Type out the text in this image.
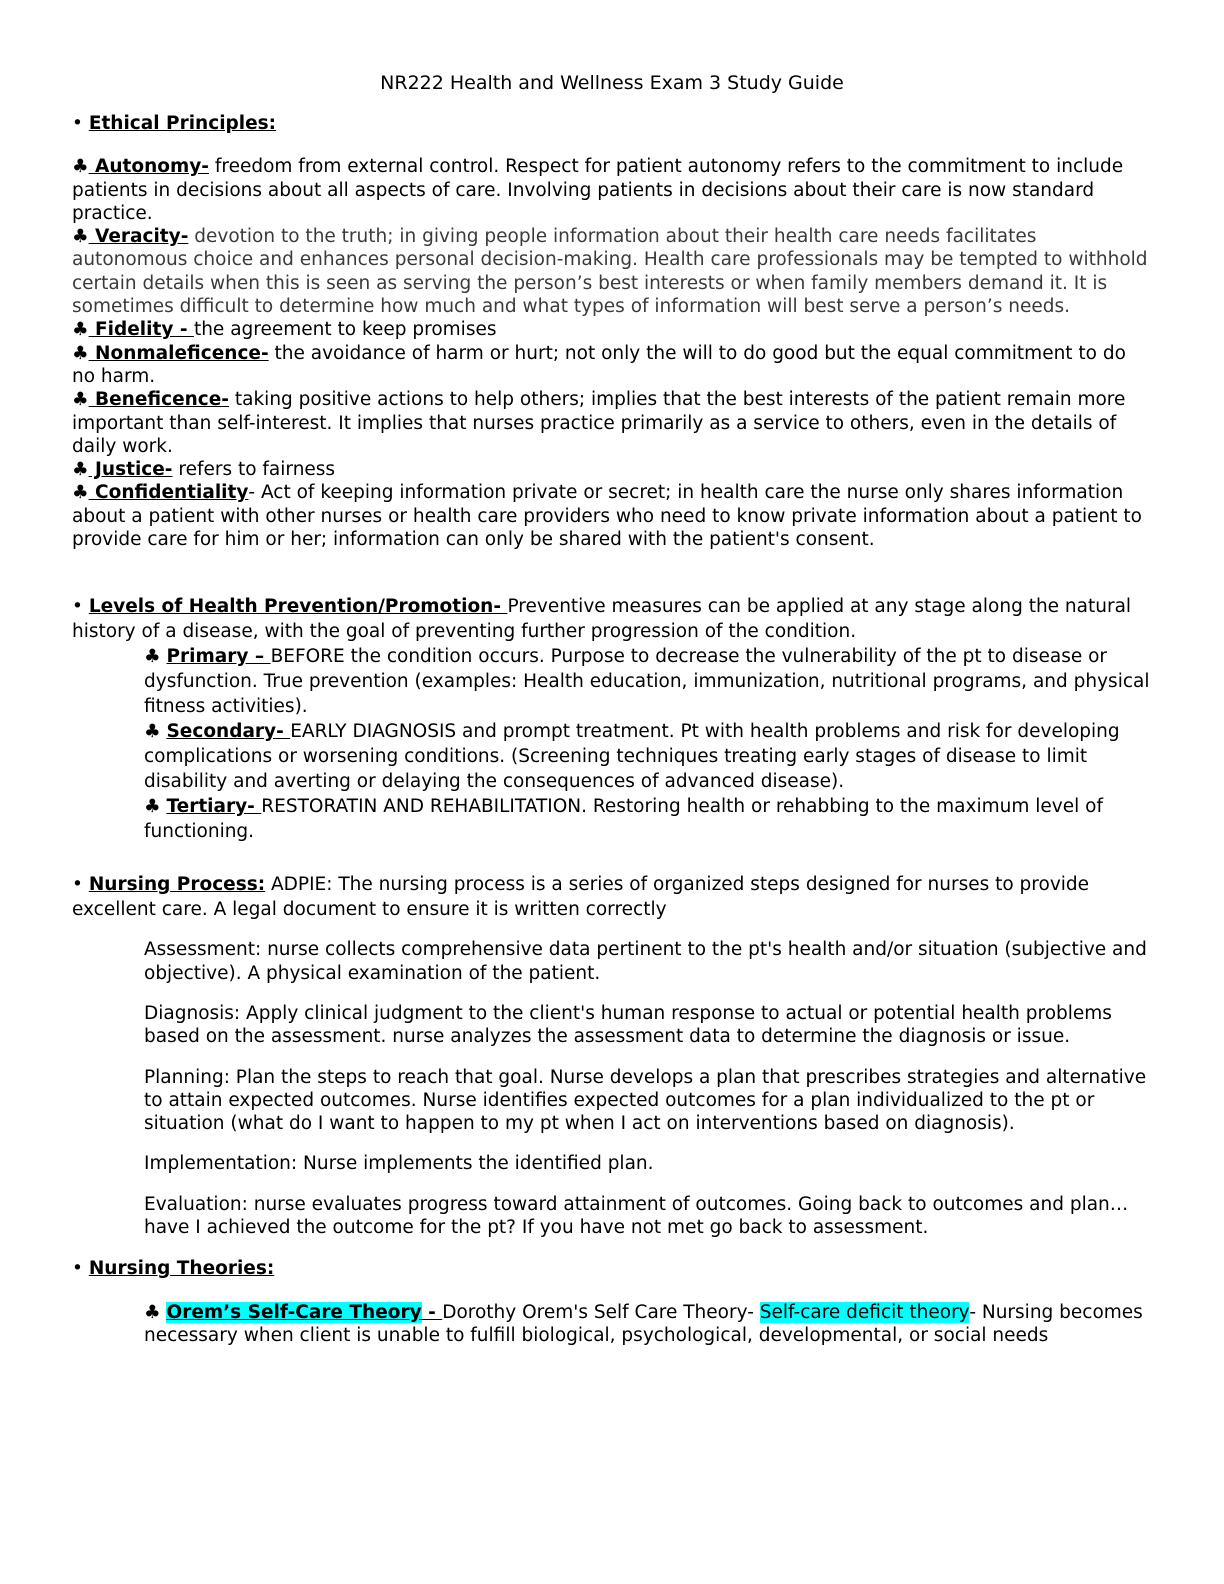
NR222 Health and Wellness Exam 3 Study Guide

• Ethical Principles:

♣ Autonomy- freedom from external control. Respect for patient autonomy refers to the commitment to include patients in decisions about all aspects of care. Involving patients in decisions about their care is now standard practice.

♣ Veracity- devotion to the truth; in giving people information about their health care needs facilitates autonomous choice and enhances personal decision-making. Health care professionals may be tempted to withhold certain details when this is seen as serving the person’s best interests or when family members demand it. It is sometimes difficult to determine how much and what types of information will best serve a person’s needs.

♣ Fidelity - the agreement to keep promises

♣ Nonmaleficence- the avoidance of harm or hurt; not only the will to do good but the equal commitment to do no harm.

♣ Beneficence- taking positive actions to help others; implies that the best interests of the patient remain more important than self-interest. It implies that nurses practice primarily as a service to others, even in the details of daily work.

♣ Justice- refers to fairness

♣ Confidentiality- Act of keeping information private or secret; in health care the nurse only shares information about a patient with other nurses or health care providers who need to know private information about a patient to provide care for him or her; information can only be shared with the patient's consent.

• Levels of Health Prevention/Promotion- Preventive measures can be applied at any stage along the natural history of a disease, with the goal of preventing further progression of the condition.

♣ Primary – BEFORE the condition occurs. Purpose to decrease the vulnerability of the pt to disease or dysfunction. True prevention (examples: Health education, immunization, nutritional programs, and physical fitness activities).

♣ Secondary- EARLY DIAGNOSIS and prompt treatment. Pt with health problems and risk for developing complications or worsening conditions. (Screening techniques treating early stages of disease to limit disability and averting or delaying the consequences of advanced disease).

♣ Tertiary- RESTORATIN AND REHABILITATION. Restoring health or rehabbing to the maximum level of functioning.

• Nursing Process: ADPIE: The nursing process is a series of organized steps designed for nurses to provide excellent care. A legal document to ensure it is written correctly

Assessment: nurse collects comprehensive data pertinent to the pt's health and/or situation (subjective and objective). A physical examination of the patient.

Diagnosis: Apply clinical judgment to the client's human response to actual or potential health problems based on the assessment. nurse analyzes the assessment data to determine the diagnosis or issue.

Planning: Plan the steps to reach that goal. Nurse develops a plan that prescribes strategies and alternative to attain expected outcomes. Nurse identifies expected outcomes for a plan individualized to the pt or situation (what do I want to happen to my pt when I act on interventions based on diagnosis).

Implementation: Nurse implements the identified plan.

Evaluation: nurse evaluates progress toward attainment of outcomes. Going back to outcomes and plan… have I achieved the outcome for the pt? If you have not met go back to assessment.

• Nursing Theories:

♣ Orem’s Self-Care Theory - Dorothy Orem's Self Care Theory- Self-care deficit theory- Nursing becomes necessary when client is unable to fulfill biological, psychological, developmental, or social needs
